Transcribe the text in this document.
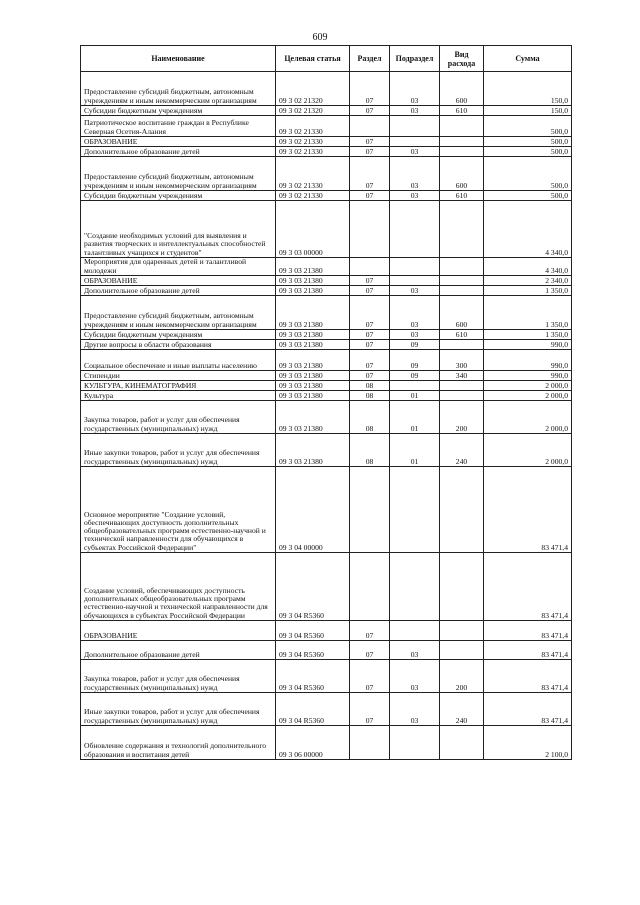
609
Наименование	Целевая статья	Раздел	Подраздел	Вид расхода	Сумма
Предоставление субсидий бюджетным, автономным учреждениям и иным некоммерческим организациям	09 3 02 21320	07	03	600	150,0
Субсидии бюджетным учреждениям	09 3 02 21320	07	03	610	150,0
Патриотическое воспитание граждан в Республике Северная Осетия-Алания	09 3 02 21330				500,0
ОБРАЗОВАНИЕ	09 3 02 21330	07			500,0
Дополнительное образование детей	09 3 02 21330	07	03		500,0
Предоставление субсидий бюджетным, автономным учреждениям и иным некоммерческим организациям	09 3 02 21330	07	03	600	500,0
Субсидии бюджетным учреждениям	09 3 02 21330	07	03	610	500,0
"Создание необходимых условий для выявления и развития творческих и интеллектуальных способностей талантливых учащихся и студентов"	09 3 03 00000				4 340,0
Мероприятия для одаренных детей и талантливой молодежи	09 3 03 21380				4 340,0
ОБРАЗОВАНИЕ	09 3 03 21380	07			2 340,0
Дополнительное образование детей	09 3 03 21380	07	03		1 350,0
Предоставление субсидий бюджетным, автономным учреждениям и иным некоммерческим организациям	09 3 03 21380	07	03	600	1 350,0
Субсидии бюджетным учреждениям	09 3 03 21380	07	03	610	1 350,0
Другие вопросы в области образования	09 3 03 21380	07	09		990,0
Социальное обеспечение и иные выплаты населению	09 3 03 21380	07	09	300	990,0
Стипендии	09 3 03 21380	07	09	340	990,0
КУЛЬТУРА, КИНЕМАТОГРАФИЯ	09 3 03 21380	08			2 000,0
Культура	09 3 03 21380	08	01		2 000,0
Закупка товаров, работ и услуг для обеспечения государственных (муниципальных) нужд	09 3 03 21380	08	01	200	2 000,0
Иные закупки товаров, работ и услуг для обеспечения государственных (муниципальных) нужд	09 3 03 21380	08	01	240	2 000,0
Основное мероприятие "Создание условий, обеспечивающих доступность дополнительных общеобразовательных программ естественно-научной и технической направленности для обучающихся в субъектах Российской Федерации"	09 3 04 00000				83 471,4
Создание условий, обеспечивающих доступность дополнительных общеобразовательных программ естественно-научной и технической направленности для обучающихся в субъектах Российской Федерации	09 3 04 R5360				83 471,4
ОБРАЗОВАНИЕ	09 3 04 R5360	07			83 471,4
Дополнительное образование детей	09 3 04 R5360	07	03		83 471,4
Закупка товаров, работ и услуг для обеспечения государственных (муниципальных) нужд	09 3 04 R5360	07	03	200	83 471,4
Иные закупки товаров, работ и услуг для обеспечения государственных (муниципальных) нужд	09 3 04 R5360	07	03	240	83 471,4
Обновление содержания и технологий дополнительного образования и воспитания детей	09 3 06 00000				2 100,0
